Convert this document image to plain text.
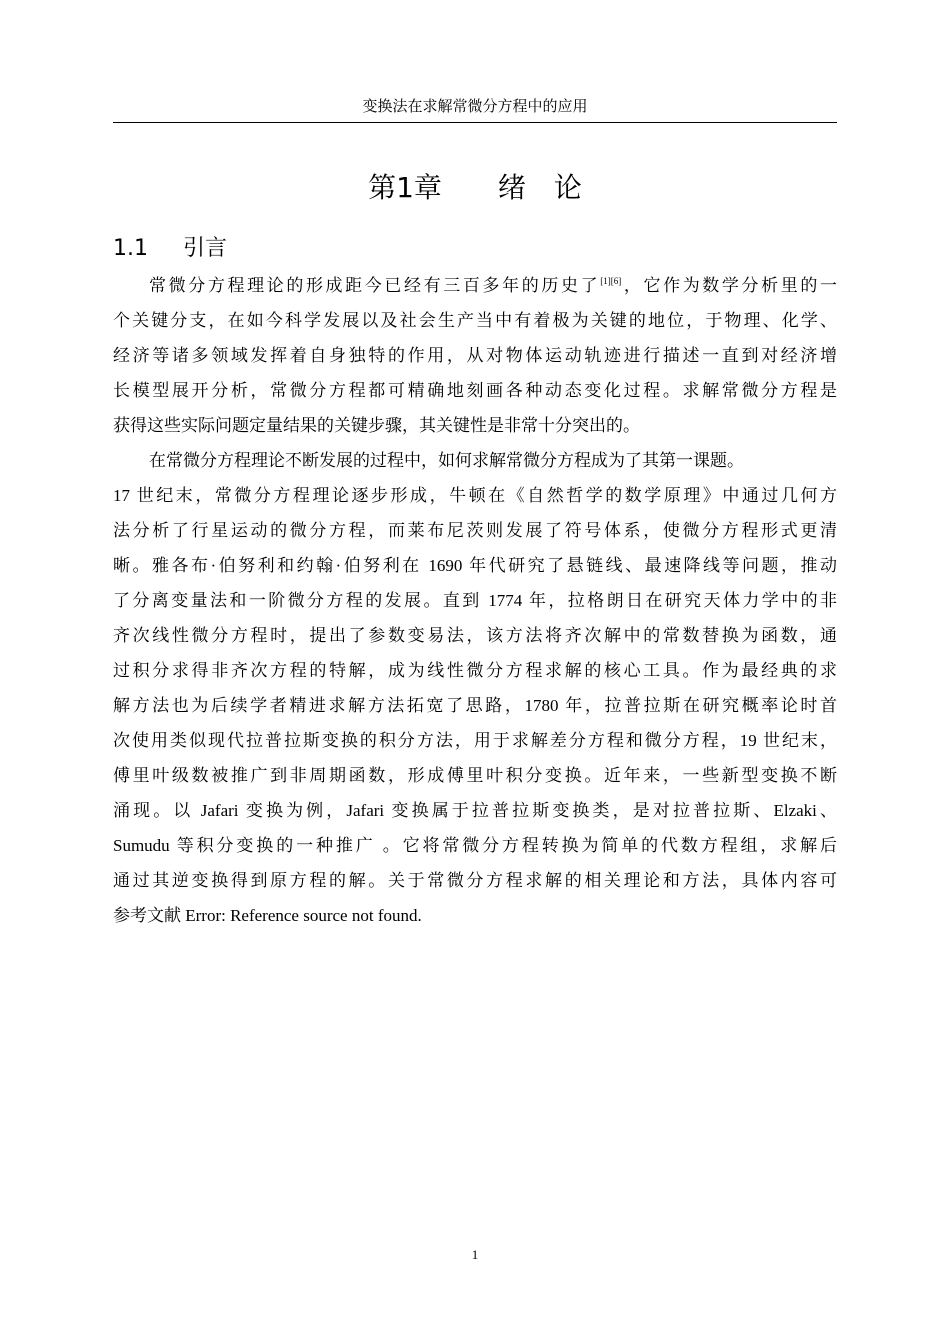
变换法在求解常微分方程中的应用
第1章 绪　论
1.1 引言
常微分方程理论的形成距今已经有三百多年的历史了[1][6]，它作为数学分析里的一
个关键分支，在如今科学发展以及社会生产当中有着极为关键的地位，于物理、化学、
经济等诸多领域发挥着自身独特的作用，从对物体运动轨迹进行描述一直到对经济增
长模型展开分析，常微分方程都可精确地刻画各种动态变化过程。求解常微分方程是
获得这些实际问题定量结果的关键步骤，其关键性是非常十分突出的。
在常微分方程理论不断发展的过程中，如何求解常微分方程成为了其第一课题。
17 世纪末，常微分方程理论逐步形成，牛顿在《自然哲学的数学原理》中通过几何方
法分析了行星运动的微分方程，而莱布尼茨则发展了符号体系，使微分方程形式更清
晰。雅各布·伯努利和约翰·伯努利在 1690 年代研究了悬链线、最速降线等问题，推动
了分离变量法和一阶微分方程的发展。直到 1774 年，拉格朗日在研究天体力学中的非
齐次线性微分方程时，提出了参数变易法，该方法将齐次解中的常数替换为函数，通
过积分求得非齐次方程的特解，成为线性微分方程求解的核心工具。作为最经典的求
解方法也为后续学者精进求解方法拓宽了思路，1780 年，拉普拉斯在研究概率论时首
次使用类似现代拉普拉斯变换的积分方法，用于求解差分方程和微分方程，19 世纪末，
傅里叶级数被推广到非周期函数，形成傅里叶积分变换。近年来，一些新型变换不断
涌现。以 Jafari 变换为例，Jafari 变换属于拉普拉斯变换类，是对拉普拉斯、Elzaki、
Sumudu 等积分变换的一种推广 。它将常微分方程转换为简单的代数方程组，求解后
通过其逆变换得到原方程的解。关于常微分方程求解的相关理论和方法，具体内容可
参考文献 Error: Reference source not found.
1
